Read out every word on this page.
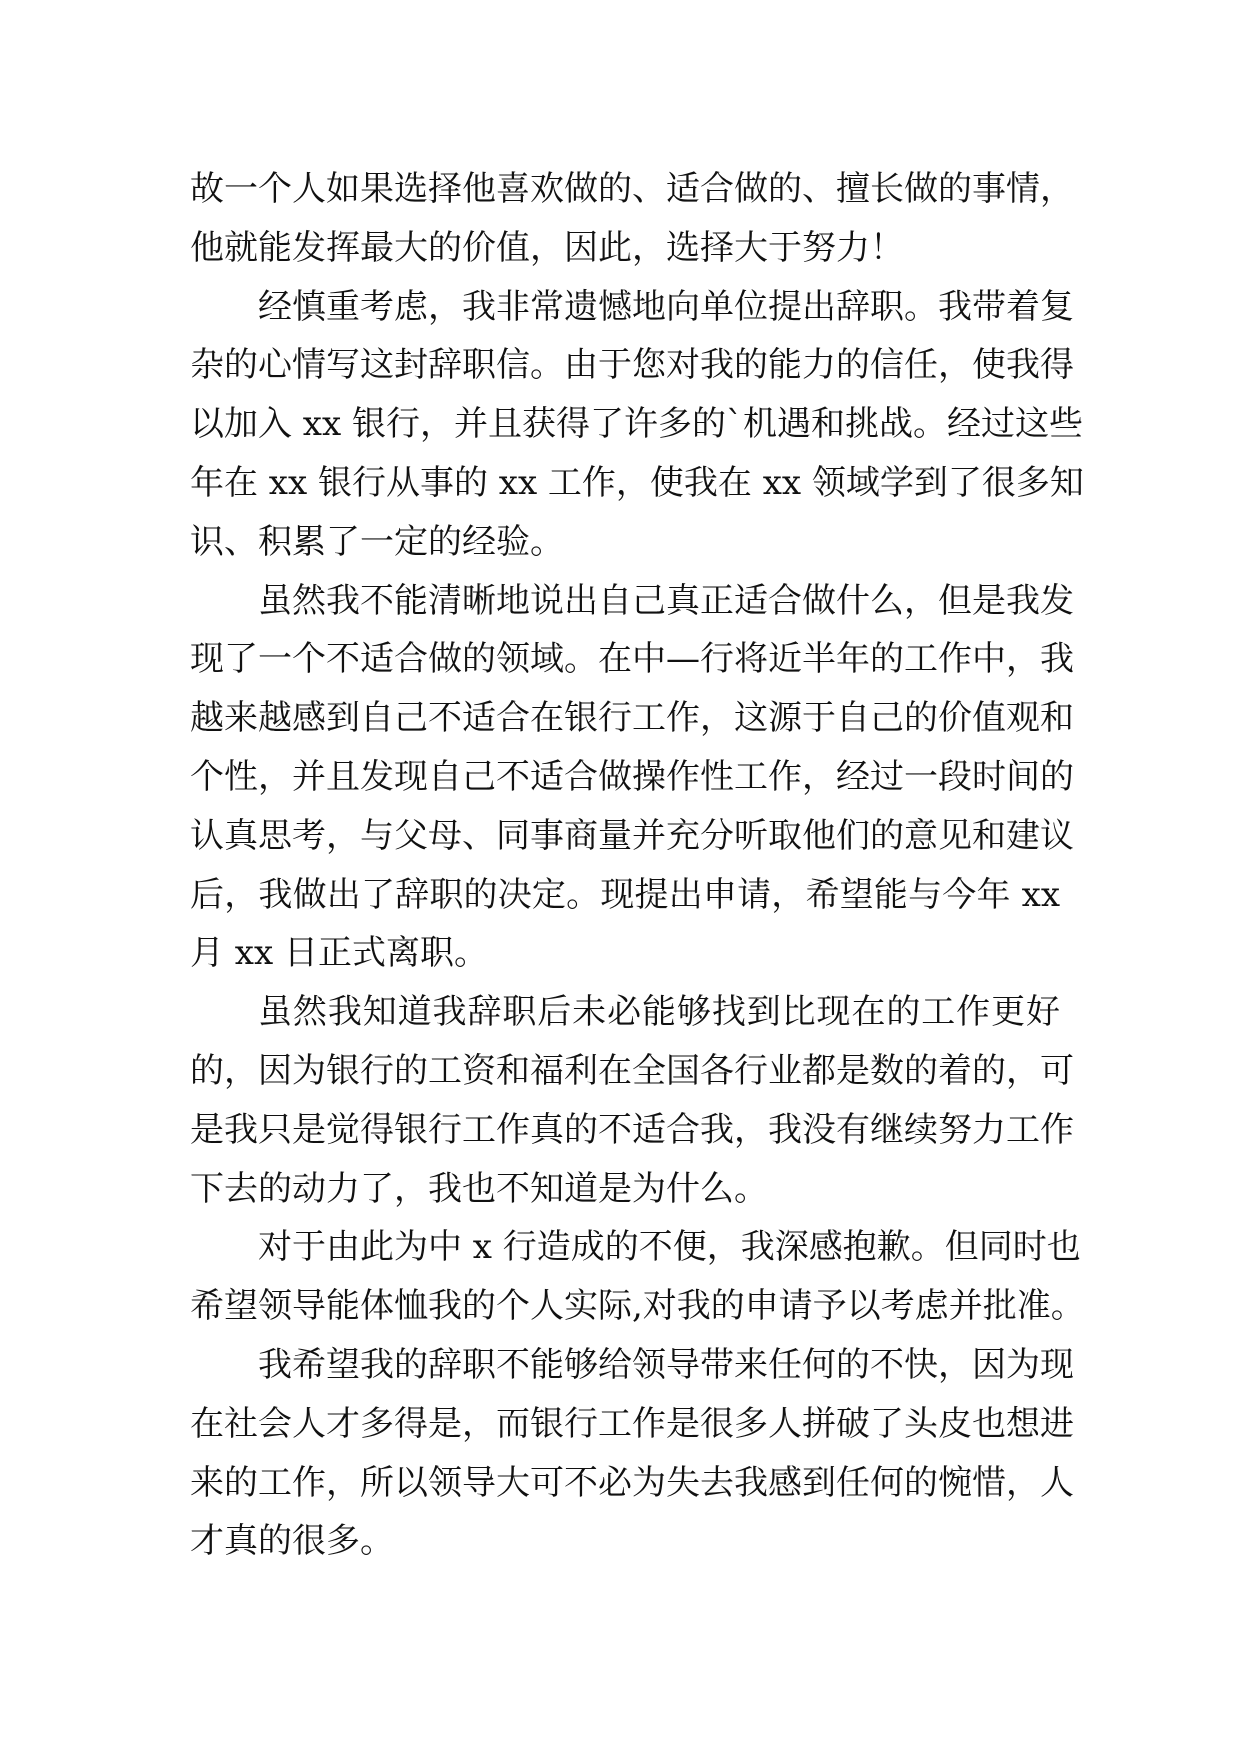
故一个人如果选择他喜欢做的、适合做的、擅长做的事情，
他就能发挥最大的价值，因此，选择大于努力！
经慎重考虑，我非常遗憾地向单位提出辞职。我带着复
杂的心情写这封辞职信。由于您对我的能力的信任，使我得
以加入 xx 银行，并且获得了许多的`机遇和挑战。经过这些
年在 xx 银行从事的 xx 工作，使我在 xx 领域学到了很多知
识、积累了一定的经验。
虽然我不能清晰地说出自己真正适合做什么，但是我发
现了一个不适合做的领域。在中—行将近半年的工作中，我
越来越感到自己不适合在银行工作，这源于自己的价值观和
个性，并且发现自己不适合做操作性工作，经过一段时间的
认真思考，与父母、同事商量并充分听取他们的意见和建议
后，我做出了辞职的决定。现提出申请，希望能与今年 xx
月 xx 日正式离职。
虽然我知道我辞职后未必能够找到比现在的工作更好
的，因为银行的工资和福利在全国各行业都是数的着的，可
是我只是觉得银行工作真的不适合我，我没有继续努力工作
下去的动力了，我也不知道是为什么。
对于由此为中 x 行造成的不便，我深感抱歉。但同时也
希望领导能体恤我的个人实际,对我的申请予以考虑并批准。
我希望我的辞职不能够给领导带来任何的不快，因为现
在社会人才多得是，而银行工作是很多人拼破了头皮也想进
来的工作，所以领导大可不必为失去我感到任何的惋惜，人
才真的很多。
